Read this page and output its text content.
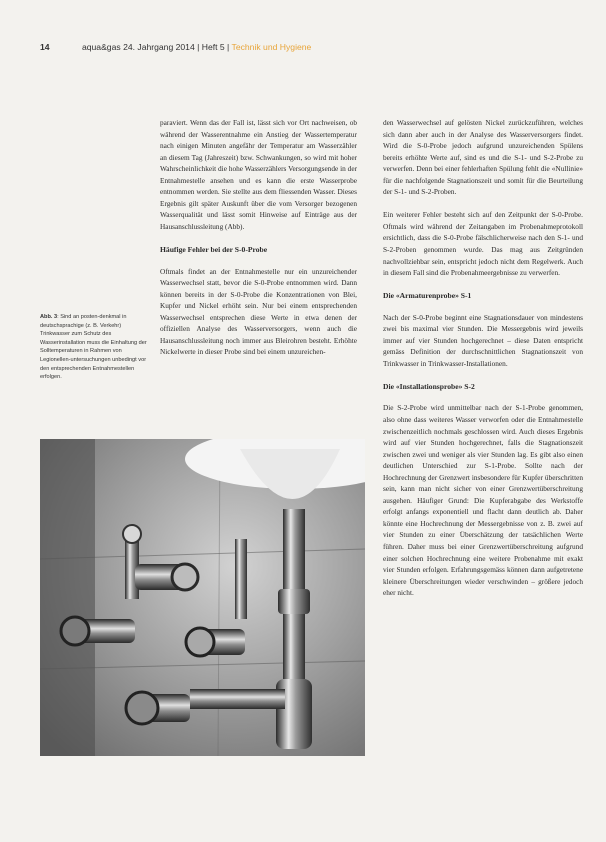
14	aqua&gas 24. Jahrgang 2014 | Heft 5 | Technik und Hygiene
Abb. 3: Sind an posten-denkmal in deutschsprachige (z. B. Verkehr) Trinkwasser zum Schutz des Wasserinstallation muss die Einhaltung der Solltemperaturen in Rahmen von Legionellen-untersuchungen unbedingt vor den entsprechenden Entnahmestellen erfolgen.

paraviert. Wenn das der Fall ist, lässt sich vor Ort nachweisen, ob während der Wasserentnahme ein Anstieg der Wassertemperatur nach einigen Minuten angefähr der Temperatur am Wasserzähler an diesem Tag (Jahreszeit) bzw. Schwankungen, so wird mit hoher Wahrscheinlichkeit die hohe Wasserzählers Versorgungsende in der Entnahmestelle ansehen und es kann die erste Wasserprobe entnommen werden. Sie stellte aus dem fliessenden Wasser. Dieses Ergebnis gilt später Auskunft über die vom Versorger bezogenen Wasserqualität und lässt somit Hinweise auf Einträge aus der Hausanschlussleitung (Abb).

Häufige Fehler bei der S-0-Probe

Oftmals findet an der Entnahmestelle nur ein unzureichender Wasserwechsel statt, bevor die S-0-Probe entnommen wird. Dann können bereits in der S-0-Probe die Konzentrationen von Blei, Kupfer und Nickel erhöht sein. Nur bei einem entsprechenden Wasserwechsel entsprechen diese Werte in etwa denen der offiziellen Analyse des Wasserversorgers, wenn auch die Hausanschlussleitung noch immer aus Bleirohren besteht. Erhöhte Nickelwerte in dieser Probe sind bei einem unzureichen-

den Wasserwechsel auf gelösten Nickel zurückzuführen, welches sich dann aber auch in der Analyse des Wasserversorgers findet. Wird die S-0-Probe jedoch aufgrund unzureichenden Spülens bereits erhöhte Werte auf, sind es und die S-1- und S-2-Probe zu verwerfen. Denn bei einer fehlerhaften Spülung fehlt die «Nullinie» für die nachfolgende Stagnationszeit und somit für die Beurteilung der S-1- und S-2-Proben.

Ein weiterer Fehler besteht sich auf den Zeitpunkt der S-0-Probe. Oftmals wird während der Zeitangaben im Probenahmeprotokoll ersichtlich, dass die S-0-Probe fälschlicherweise nach den S-1- und S-2-Proben genommen wurde. Das mag aus Zeitgründen nachvollziehbar sein, entspricht jedoch nicht dem Regelwerk. Auch in diesem Fall sind die Probenahmeergebnisse zu verwerfen.

Die «Armaturenprobe» S-1

Nach der S-0-Probe beginnt eine Stagnationsdauer von mindestens zwei bis maximal vier Stunden. Die Messergebnis wird jeweils immer auf vier Stunden hochgerechnet – diese Daten entspricht gemäss Definition der durchschnittlichen Stagnationszeit von Trinkwasser in Trinkwasser-Installationen.

Die «Installationsprobe» S-2

Die S-2-Probe wird unmittelbar nach der S-1-Probe genommen, also ohne dass weiteres Wasser verworfen oder die Entnahmestelle zwischenzeitlich nochmals geschlossen wird. Auch dieses Ergebnis wird auf vier Stunden hochgerechnet, falls die Stagnationszeit zwischen zwei und weniger als vier Stunden lag. Es gibt also einen deutlichen Unterschied zur S-1-Probe. Sollte nach der Hochrechnung der Grenzwert insbesondere für Kupfer überschritten sein, kann man nicht sicher von einer Grenzwertüberschreitung ausgehen. Häufiger Grund: Die Kupferabgabe des Werkstoffe erfolgt anfangs exponentiell und flacht dann deutlich ab. Daher könnte eine Hochrechnung der Messergebnisse von z. B. zwei auf vier Stunden zu einer Überschätzung der tatsächlichen Werte führen. Daher muss bei einer Grenzwertüberschreitung aufgrund einer solchen Hochrechnung eine weitere Probenahme mit exakt vier Stunden erfolgen. Erfahrungsgemäss können dann aufgetretene kleinere Überschreitungen wieder verschwinden – größere jedoch eher nicht.
